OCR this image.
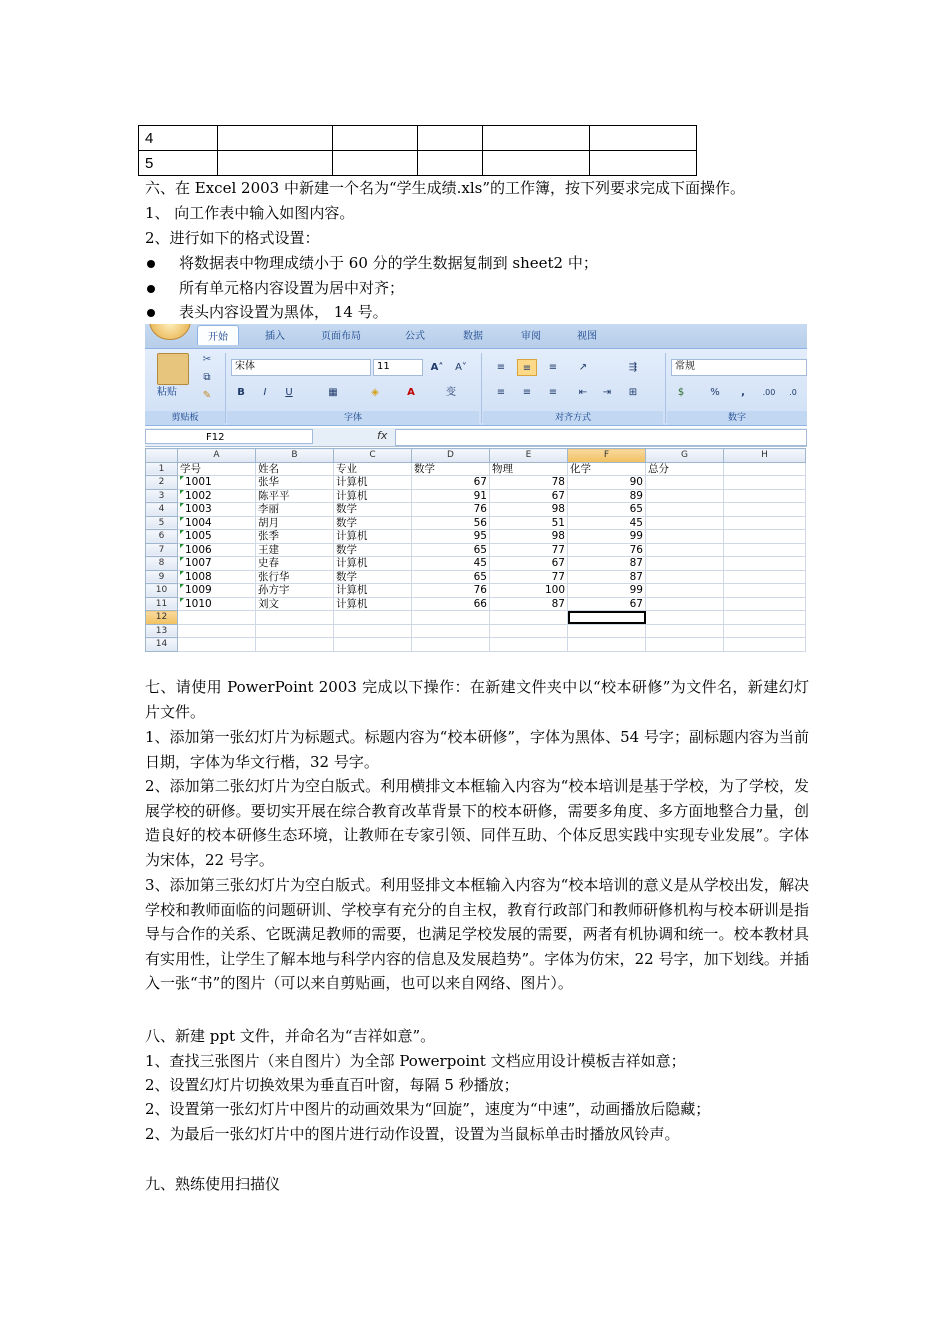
4					
5					
六、在 Excel 2003 中新建一个名为“学生成绩.xls”的工作簿，按下列要求完成下面操作。
1、 向工作表中输入如图内容。
2、进行如下的格式设置：
将数据表中物理成绩小于 60 分的学生数据复制到 sheet2 中；
所有单元格内容设置为居中对齐；
表头内容设置为黑体， 14 号。
开始	插入	页面布局	公式	数据	审阅	视图
粘贴
✂
⧉
✎
剪贴板
宋体	11	A˄	A˅
B	I	U	▦	◈	A	变
字体
≡	≡	≡	↗	⇶
≡	≡	≡	⇤	⇥	⊞
对齐方式
常规
$	%	,	.00	.0
数字
F12	fx
	A	B	C	D	E	F	G	H
1	学号	姓名	专业	数学	物理	化学	总分	
2	1001	张华	计算机	67	78	90		
3	1002	陈平平	计算机	91	67	89		
4	1003	李丽	数学	76	98	65		
5	1004	胡月	数学	56	51	45		
6	1005	张季	计算机	95	98	99		
7	1006	王建	数学	65	77	76		
8	1007	史春	计算机	45	67	87		
9	1008	张行华	数学	65	77	87		
10	1009	孙方宇	计算机	76	100	99		
11	1010	刘文	计算机	66	87	67		
12								
13								
14								
七、请使用 PowerPoint 2003 完成以下操作：在新建文件夹中以“校本研修”为文件名，新建幻灯片文件。
1、添加第一张幻灯片为标题式。标题内容为“校本研修”，字体为黑体、54 号字；副标题内容为当前日期，字体为华文行楷，32 号字。
2、添加第二张幻灯片为空白版式。利用横排文本框输入内容为“校本培训是基于学校，为了学校，发展学校的研修。要切实开展在综合教育改革背景下的校本研修，需要多角度、多方面地整合力量，创造良好的校本研修生态环境，让教师在专家引领、同伴互助、个体反思实践中实现专业发展”。字体为宋体，22 号字。
3、添加第三张幻灯片为空白版式。利用竖排文本框输入内容为“校本培训的意义是从学校出发，解决学校和教师面临的问题研训、学校享有充分的自主权，教育行政部门和教师研修机构与校本研训是指导与合作的关系、它既满足教师的需要，也满足学校发展的需要，两者有机协调和统一。校本教材具有实用性，让学生了解本地与科学内容的信息及发展趋势”。字体为仿宋，22 号字，加下划线。并插入一张“书”的图片（可以来自剪贴画，也可以来自网络、图片）。
八、新建 ppt 文件，并命名为“吉祥如意”。
1、查找三张图片（来自图片）为全部 Powerpoint 文档应用设计模板吉祥如意；
2、设置幻灯片切换效果为垂直百叶窗，每隔 5 秒播放；
2、设置第一张幻灯片中图片的动画效果为“回旋”，速度为“中速”，动画播放后隐藏；
2、为最后一张幻灯片中的图片进行动作设置，设置为当鼠标单击时播放风铃声。
九、熟练使用扫描仪
